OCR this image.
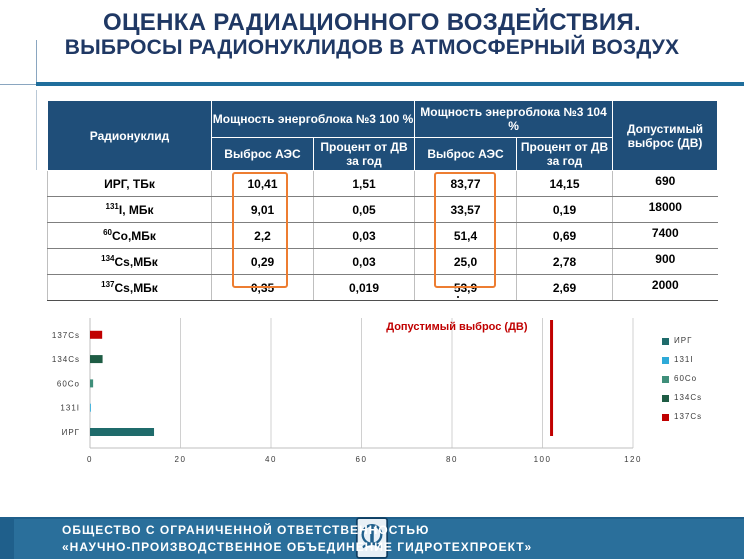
ОЦЕНКА РАДИАЦИОННОГО ВОЗДЕЙСТВИЯ.
ВЫБРОСЫ РАДИОНУКЛИДОВ В АТМОСФЕРНЫЙ ВОЗДУХ
Радионуклид	Мощность энергоблока №3 100 %		Мощность энергоблока №3 104 %		Допустимый выброс (ДВ)
	Выброс АЭС	Процент от ДВ за год	Выброс АЭС	Процент от ДВ за год	
ИРГ, ТБк	10,41	1,51	83,77	14,15	690
$^{131}$I, МБк	9,01	0,05	33,57	0,19	18000
$^{60}$Co,МБк	2,2	0,03	51,4	0,69	7400
$^{134}$Cs,МБк	0,29	0,03	25,0	2,78	900
$^{137}$Cs,МБк	0,35	0,019	53,9	2,69	2000
0	20	40	60	80	100	120
ИРГ
131I
60Co
134Cs
137Cs
Допустимый выброс (ДВ)
ИРГ
131I
60Co
134Cs
137Cs
ОБЩЕСТВО С ОГРАНИЧЕННОЙ ОТВЕТСТВЕННОСТЬЮ
«НАУЧНО-ПРОИЗВОДСТВЕННОЕ ОБЪЕДИНЕНИЕ ГИДРОТЕХПРОЕКТ»
